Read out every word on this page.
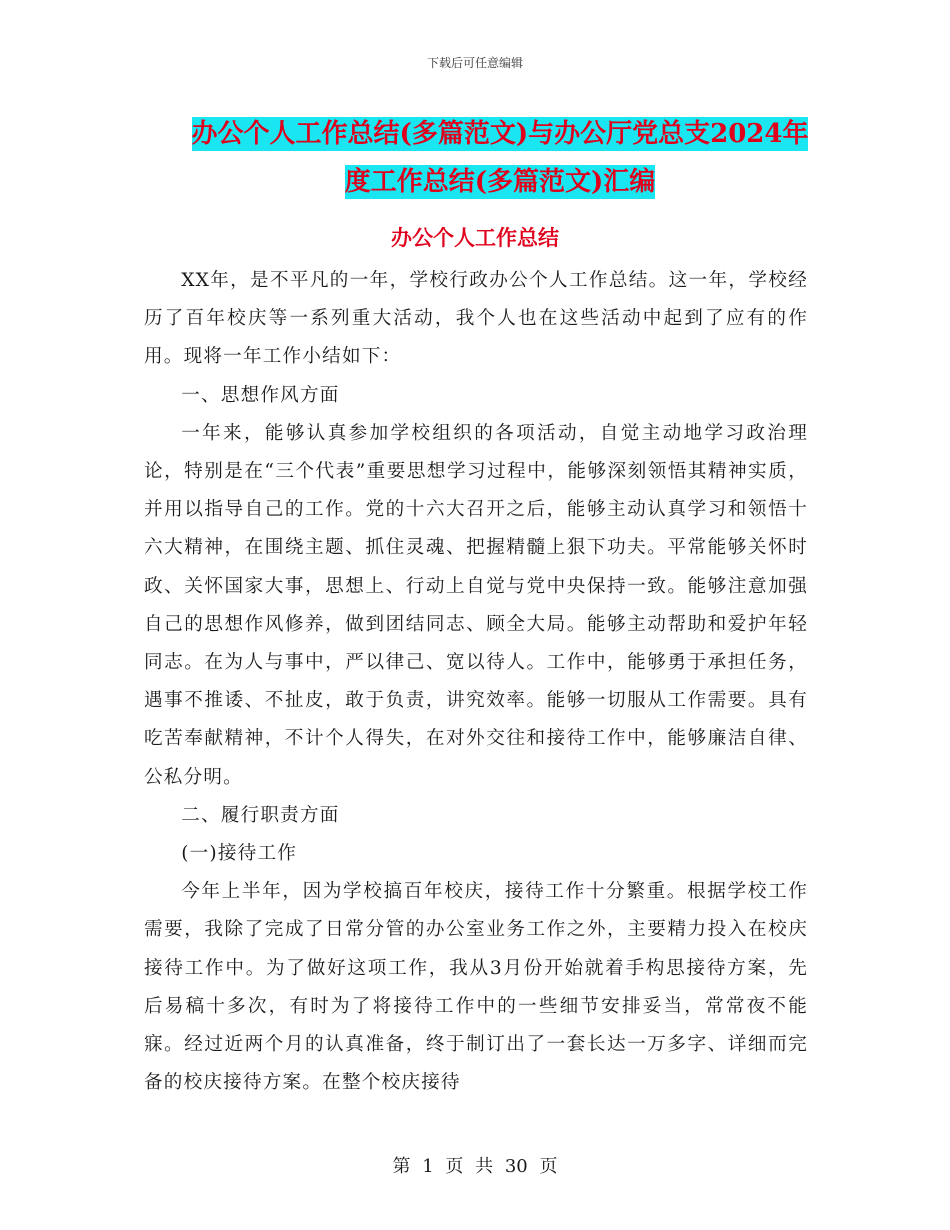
下载后可任意编辑
办公个人工作总结(多篇范文)与办公厅党总支2024年
度工作总结(多篇范文)汇编
办公个人工作总结

XX年，是不平凡的一年，学校行政办公个人工作总结。这一年，学校经历了百年校庆等一系列重大活动，我个人也在这些活动中起到了应有的作用。现将一年工作小结如下：

一、思想作风方面

一年来，能够认真参加学校组织的各项活动，自觉主动地学习政治理论，特别是在“三个代表”重要思想学习过程中，能够深刻领悟其精神实质，并用以指导自己的工作。党的十六大召开之后，能够主动认真学习和领悟十六大精神，在围绕主题、抓住灵魂、把握精髓上狠下功夫。平常能够关怀时政、关怀国家大事，思想上、行动上自觉与党中央保持一致。能够注意加强自己的思想作风修养，做到团结同志、顾全大局。能够主动帮助和爱护年轻同志。在为人与事中，严以律己、宽以待人。工作中，能够勇于承担任务，遇事不推诿、不扯皮，敢于负责，讲究效率。能够一切服从工作需要。具有吃苦奉献精神，不计个人得失，在对外交往和接待工作中，能够廉洁自律、公私分明。

二、履行职责方面

(一)接待工作

今年上半年，因为学校搞百年校庆，接待工作十分繁重。根据学校工作需要，我除了完成了日常分管的办公室业务工作之外，主要精力投入在校庆接待工作中。为了做好这项工作，我从3月份开始就着手构思接待方案，先后易稿十多次，有时为了将接待工作中的一些细节安排妥当，常常夜不能寐。经过近两个月的认真准备，终于制订出了一套长达一万多字、详细而完备的校庆接待方案。在整个校庆接待

第 1 页 共 30 页
